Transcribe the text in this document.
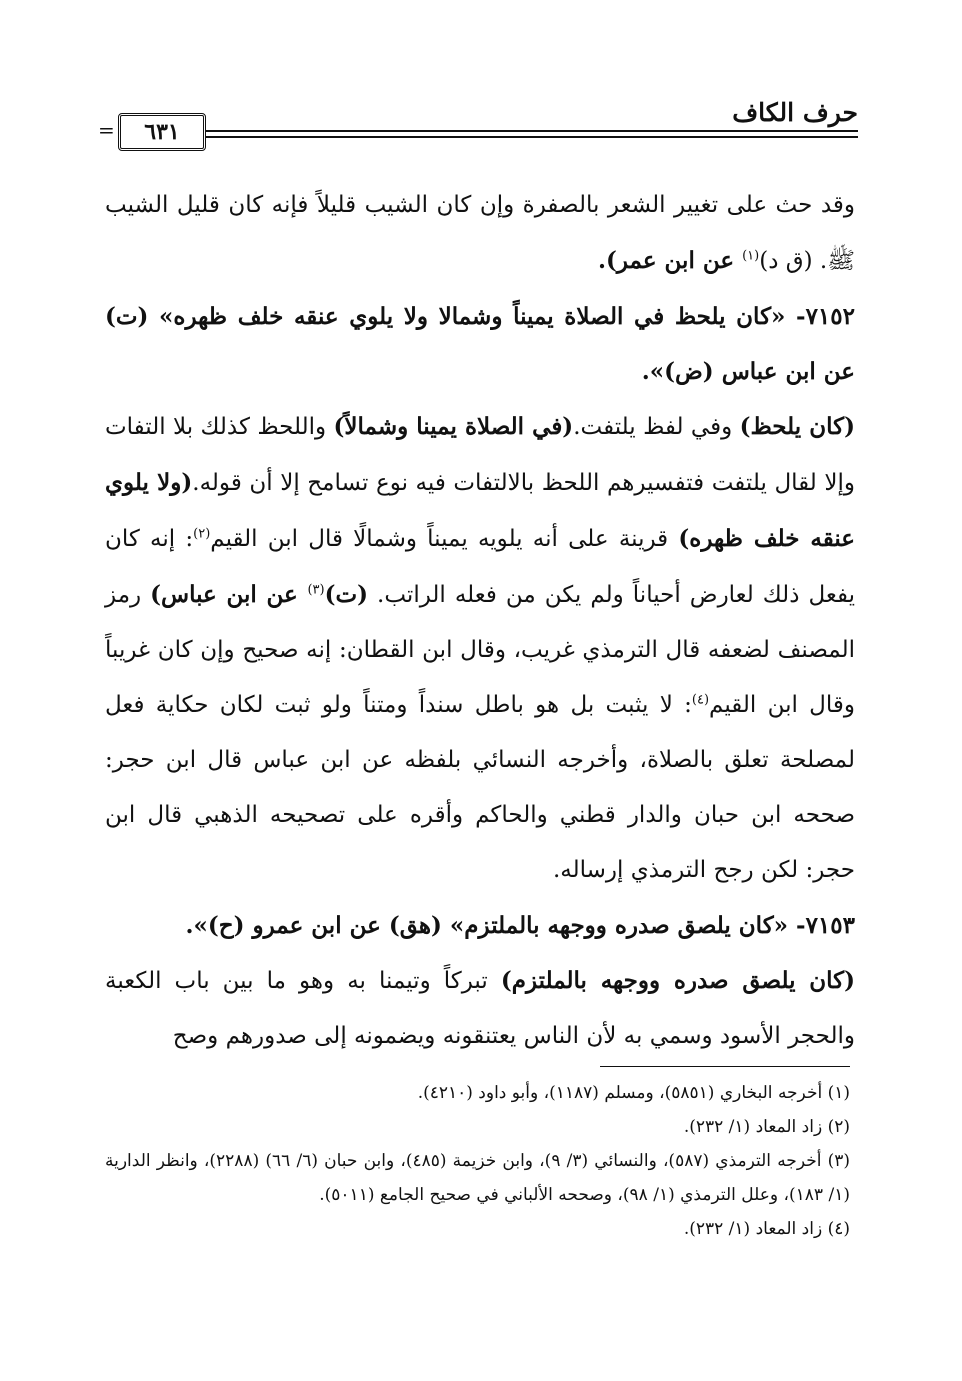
حرف الكاف
=	٦٣١

وقد حث على تغيير الشعر بالصفرة وإن كان الشيب قليلاً فإنه كان قليل الشيب ﷺ. (ق د)$^{(١)}$ عن ابن عمر).

٧١٥٢- «كان يلحظ في الصلاة يميناً وشمالا ولا يلوي عنقه خلف ظهره» (ت) عن ابن عباس (ض)».

(كان يلحظ) وفي لفظ يلتفت.(في الصلاة يمينا وشمالاً) واللحظ كذلك بلا التفات وإلا لقال يلتفت فتفسيرهم اللحظ بالالتفات فيه نوع تسامح إلا أن قوله.(ولا يلوي عنقه خلف ظهره) قرينة على أنه يلويه يميناً وشمالًا قال ابن القيم$^{(٢)}$: إنه كان يفعل ذلك لعارض أحياناً ولم يكن من فعله الراتب. (ت)$^{(٣)}$ عن ابن عباس) رمز المصنف لضعفه قال الترمذي غريب، وقال ابن القطان: إنه صحيح وإن كان غريباً وقال ابن القيم$^{(٤)}$: لا يثبت بل هو باطل سنداً ومتناً ولو ثبت لكان حكاية فعل لمصلحة تعلق بالصلاة، وأخرجه النسائي بلفظه عن ابن عباس قال ابن حجر: صححه ابن حبان والدار قطني والحاكم وأقره على تصحيحه الذهبي قال ابن حجر: لكن رجح الترمذي إرساله.

٧١٥٣- «كان يلصق صدره ووجهه بالملتزم» (هق) عن ابن عمرو (ح)».

(كان يلصق صدره ووجهه بالملتزم) تبركاً وتيمنا به وهو ما بين باب الكعبة والحجر الأسود وسمي به لأن الناس يعتنقونه ويضمونه إلى صدورهم وصح

(١) أخرجه البخاري (٥٨٥١)، ومسلم (١١٨٧)، وأبو داود (٤٢١٠).

(٢) زاد المعاد (١/ ٢٣٢).

(٣) أخرجه الترمذي (٥٨٧)، والنسائي (٣/ ٩)، وابن خزيمة (٤٨٥)، وابن حبان (٦/ ٦٦) (٢٢٨٨)، وانظر الدارية (١/ ١٨٣)، وعلل الترمذي (١/ ٩٨)، وصححه الألباني في صحيح الجامع (٥٠١١).

(٤) زاد المعاد (١/ ٢٣٢).
